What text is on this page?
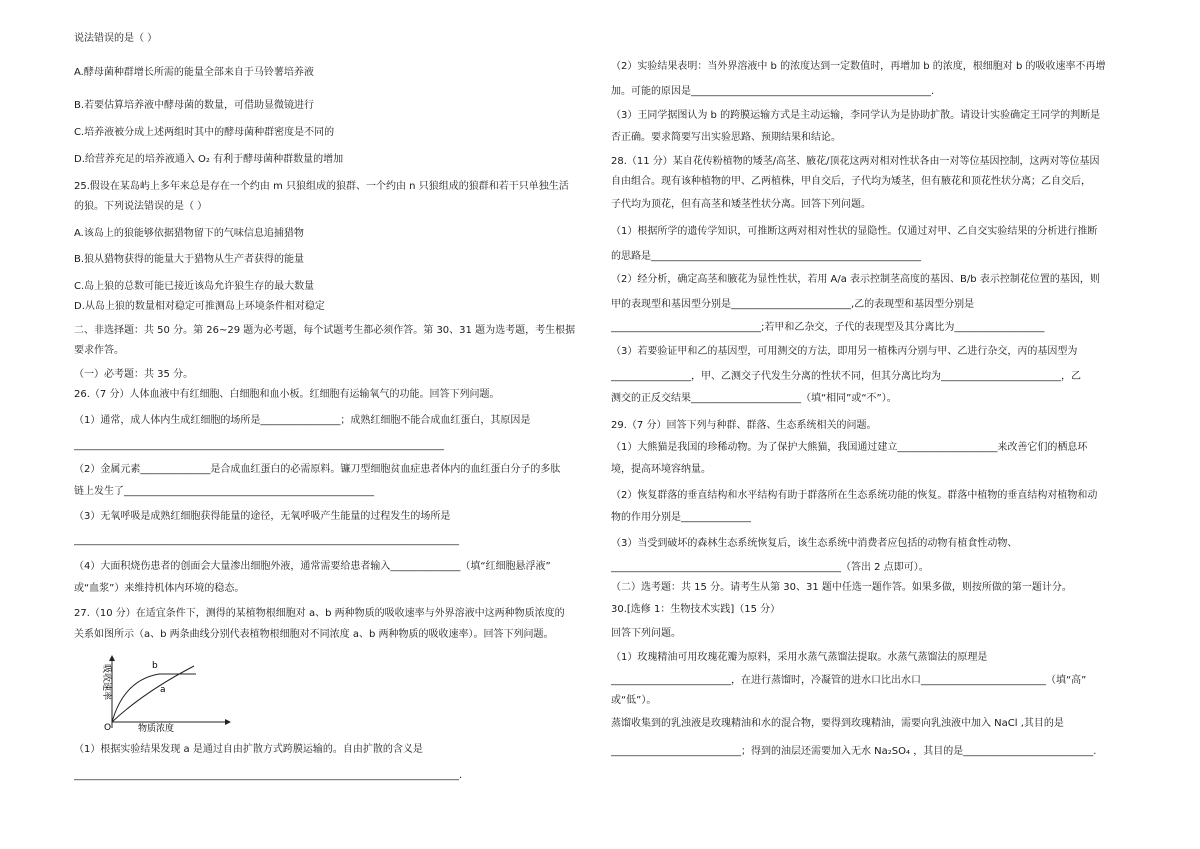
说法错误的是（ ）
A.酵母菌种群增长所需的能量全部来自于马铃薯培养液
B.若要估算培养液中酵母菌的数量，可借助显微镜进行
C.培养液被分成上述两组时其中的酵母菌种群密度是不同的
D.给营养充足的培养液通入 O₂ 有利于酵母菌种群数量的增加
25.假设在某岛屿上多年来总是存在一个约由 m 只狼组成的狼群、一个约由 n 只狼组成的狼群和若干只单独生活
的狼。下列说法错误的是（ ）
A.该岛上的狼能够依据猎物留下的气味信息追捕猎物
B.狼从猎物获得的能量大于猎物从生产者获得的能量
C.岛上狼的总数可能已接近该岛允许狼生存的最大数量
D.从岛上狼的数量相对稳定可推测岛上环境条件相对稳定
二、非选择题：共 50 分。第 26~29 题为必考题，每个试题考生都必须作答。第 30、31 题为选考题，考生根据
要求作答。
（一）必考题：共 35 分。
26.（7 分）人体血液中有红细胞、白细胞和血小板。红细胞有运输氧气的功能。回答下列问题。
（1）通常，成人体内生成红细胞的场所是________________；成熟红细胞不能合成血红蛋白，其原因是
__________________________________________________________________________
（2）金属元素______________是合成血红蛋白的必需原料。镰刀型细胞贫血症患者体内的血红蛋白分子的多肽
链上发生了__________________________________________________
（3）无氧呼吸是成熟红细胞获得能量的途径，无氧呼吸产生能量的过程发生的场所是
_____________________________________________________________________________
（4）大面积烧伤患者的创面会大量渗出细胞外液，通常需要给患者输入______________（填“红细胞悬浮液”
或“血浆”）来维持机体内环境的稳态。
27.（10 分）在适宜条件下，测得的某植物根细胞对 a、b 两种物质的吸收速率与外界溶液中这两种物质浓度的
关系如图所示（a、b 两条曲线分别代表植物根细胞对不同浓度 a、b 两种物质的吸收速率）。回答下列问题。
（1）根据实验结果发现 a 是通过自由扩散方式跨膜运输的。自由扩散的含义是
_____________________________________________________________________________.
吸收速率
物质浓度
O
b
a
（2）实验结果表明：当外界溶液中 b 的浓度达到一定数值时，再增加 b 的浓度，根细胞对 b 的吸收速率不再增
加。可能的原因是________________________________________________.
（3）王同学据图认为 b 的跨膜运输方式是主动运输，李同学认为是协助扩散。请设计实验确定王同学的判断是
否正确。要求简要写出实验思路、预期结果和结论。
28.（11 分）某自花传粉植物的矮茎/高茎、腋花/顶花这两对相对性状各由一对等位基因控制，这两对等位基因
自由组合。现有该种植物的甲、乙两植株，甲自交后，子代均为矮茎，但有腋花和顶花性状分离；乙自交后，
子代均为顶花，但有高茎和矮茎性状分离。回答下列问题。
（1）根据所学的遗传学知识，可推断这两对相对性状的显隐性。仅通过对甲、乙自交实验结果的分析进行推断
的思路是______________________________________________________
（2）经分析，确定高茎和腋花为显性性状，若用 A/a 表示控制茎高度的基因、B/b 表示控制花位置的基因，则
甲的表现型和基因型分别是________________________,乙的表现型和基因型分别是
______________________________;若甲和乙杂交，子代的表现型及其分离比为__________________
（3）若要验证甲和乙的基因型，可用测交的方法，即用另一植株丙分别与甲、乙进行杂交，丙的基因型为
________________，甲、乙测交子代发生分离的性状不同，但其分离比均为________________________，乙
测交的正反交结果______________________（填“相同”或“不”）。
29.（7 分）回答下列与种群、群落、生态系统相关的问题。
（1）大熊猫是我国的珍稀动物。为了保护大熊猫，我国通过建立____________________来改善它们的栖息环
境，提高环境容纳量。
（2）恢复群落的垂直结构和水平结构有助于群落所在生态系统功能的恢复。群落中植物的垂直结构对植物和动
物的作用分别是______________
（3）当受到破坏的森林生态系统恢复后，该生态系统中消费者应包括的动物有植食性动物、
______________________________________________（答出 2 点即可）。
（二）选考题：共 15 分。请考生从第 30、31 题中任选一题作答。如果多做，则按所做的第一题计分。
30.[选修 1：生物技术实践]（15 分）
回答下列问题。
（1）玫瑰精油可用玫瑰花瓣为原料，采用水蒸气蒸馏法提取。水蒸气蒸馏法的原理是
________________________，在进行蒸馏时，冷凝管的进水口比出水口_________________________（填“高”
或“低”）。
蒸馏收集到的乳浊液是玫瑰精油和水的混合物，要得到玫瑰精油，需要向乳浊液中加入 NaCl ,其目的是
__________________________；得到的油层还需要加入无水 Na₂SO₄ ，其目的是__________________________.
